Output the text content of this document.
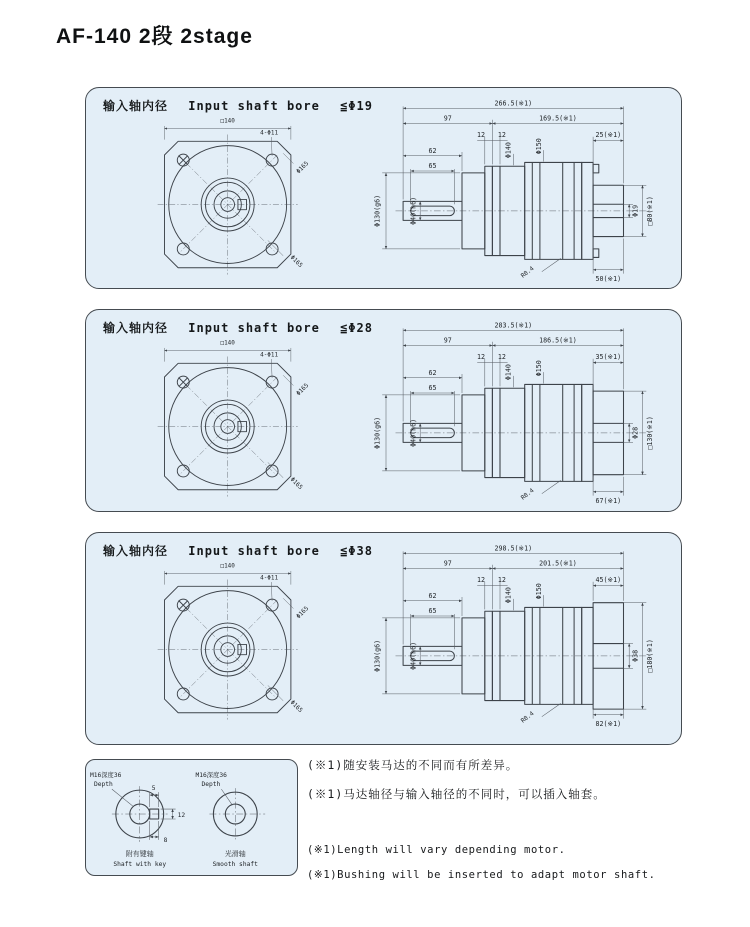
AF-140 2段 2stage
输入轴内径 Input shaft bore ≦Φ19
□140
4-Φ11
Φ165
Φ165
266.5(※1)
97	169.5(※1)
12 12
62
65
Φ140	Φ150
Φ130(g6)	Φ40(h6)
25(※1)
Φ19 □80(※1)
50(※1)
R0.4
输入轴内径 Input shaft bore ≦Φ28
□140
4-Φ11
Φ165
Φ165
283.5(※1)
97	186.5(※1)
12 12
62
65
Φ140	Φ150
Φ130(g6)	Φ40(h6)
35(※1)
Φ28 □130(※1)
67(※1)
R0.4
输入轴内径 Input shaft bore ≦Φ38
□140
4-Φ11
Φ165
Φ165
298.5(※1)
97	201.5(※1)
12 12
62
65
Φ140	Φ150
Φ130(g6)	Φ40(h6)
45(※1)
Φ38 □180(※1)
82(※1)
R0.4
M16深度36
Depth
M16深度36
Depth
5
12
8
附有键轴
Shaft with key
光滑轴
Smooth shaft
(※1)随安装马达的不同而有所差异。
(※1)马达轴径与输入轴径的不同时，可以插入轴套。
(※1)Length will vary depending motor.
(※1)Bushing will be inserted to adapt motor shaft.
